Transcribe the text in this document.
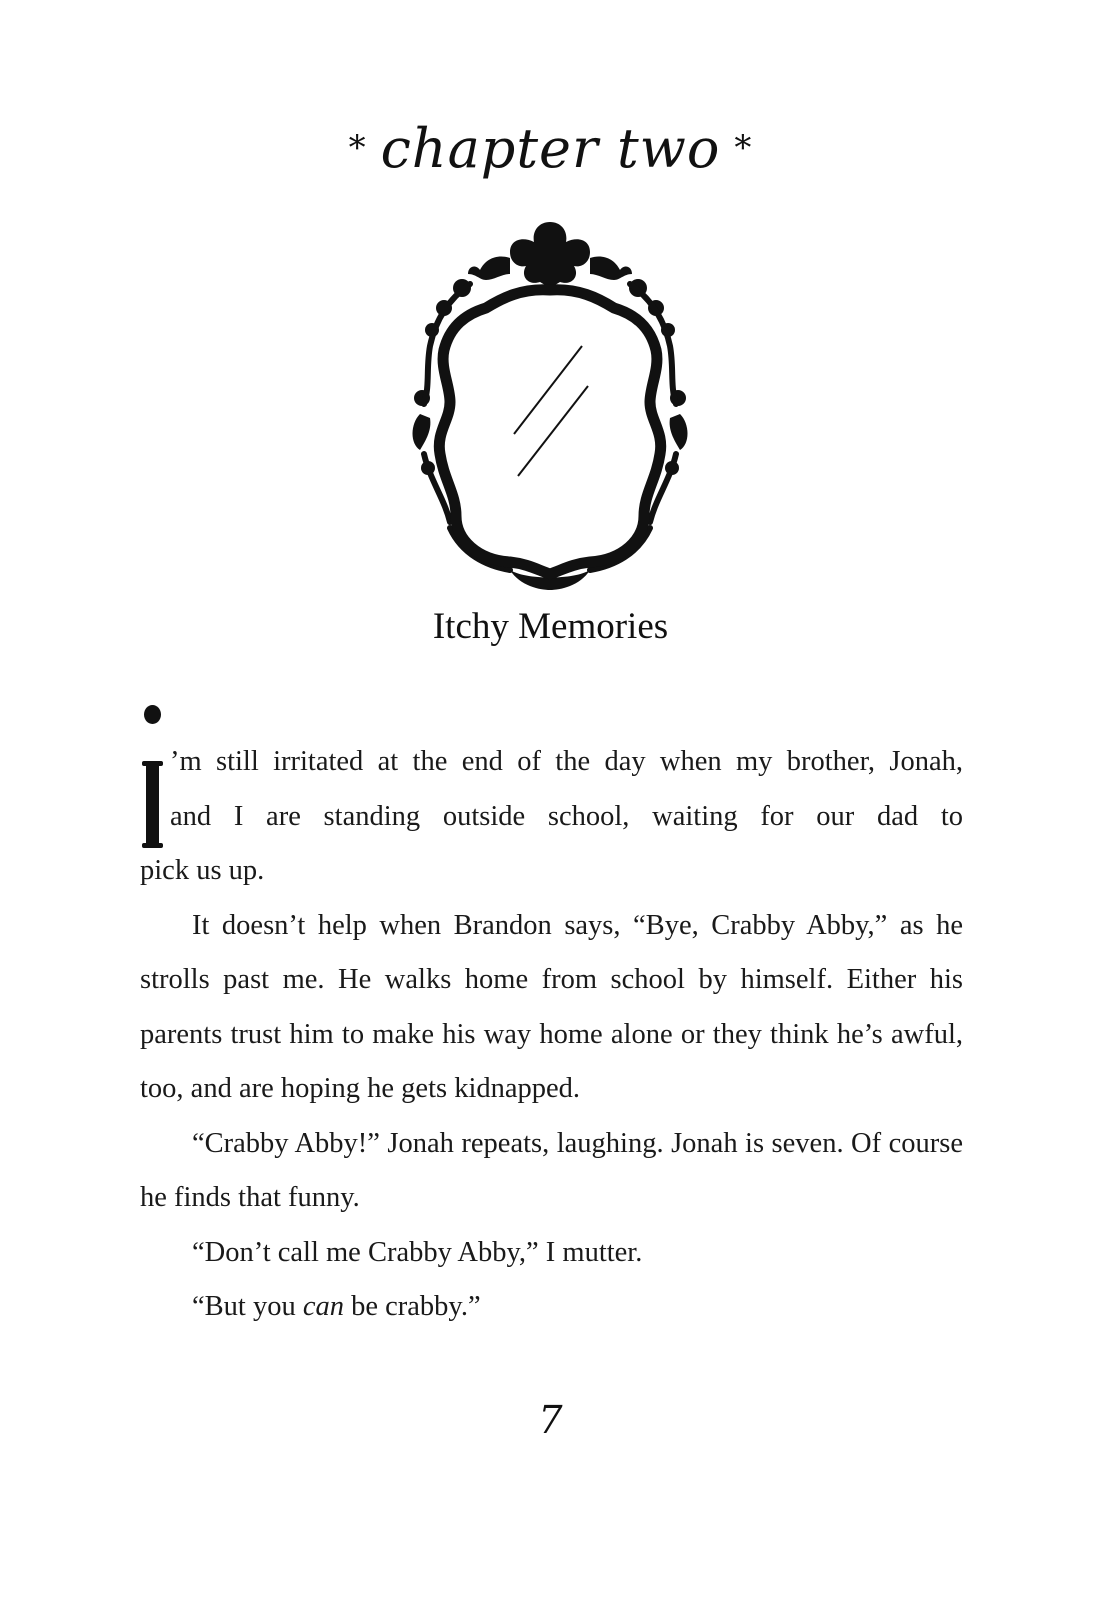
* chapter two *
Itchy Memories

’m still irritated at the end of the day when my brother, Jonah,
and I are standing outside school, waiting for our dad to
pick us up.

It doesn’t help when Brandon says, “Bye, Crabby Abby,” as he strolls past me. He walks home from school by himself. Either his parents trust him to make his way home alone or they think he’s awful, too, and are hoping he gets kidnapped.

“Crabby Abby!” Jonah repeats, laughing. Jonah is seven. Of course he finds that funny.

“Don’t call me Crabby Abby,” I mutter.

“But you can be crabby.”

7
